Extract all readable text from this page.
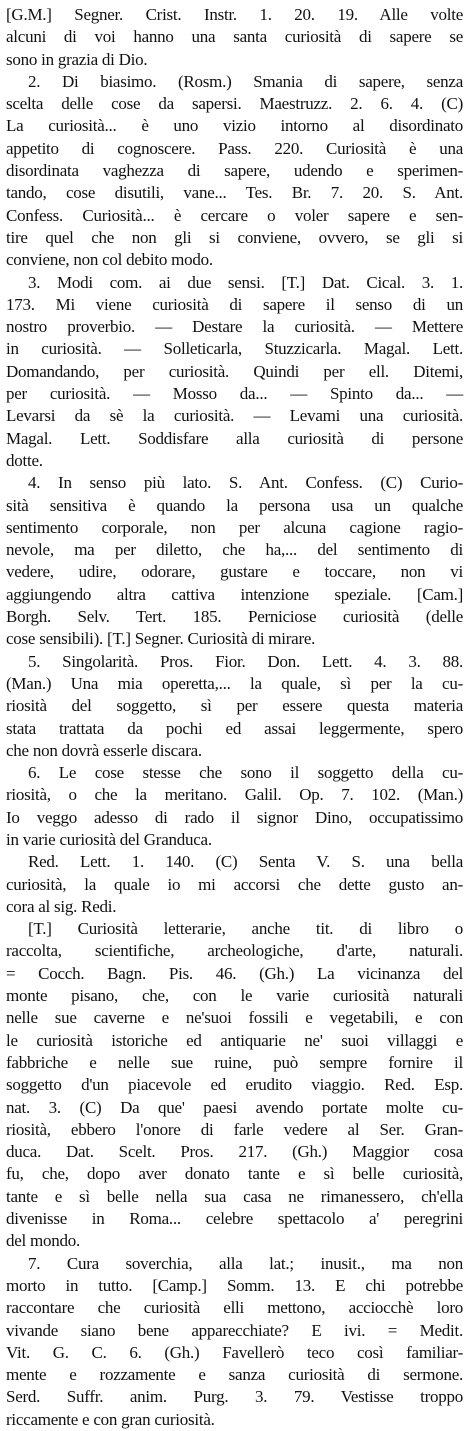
[G.M.] Segner. Crist. Instr. 1. 20. 19. Alle volte
alcuni di voi hanno una santa curiosità di sapere se
sono in grazia di Dio.
2. Di biasimo. (Rosm.) Smania di sapere, senza
scelta delle cose da sapersi. Maestruzz. 2. 6. 4. (C)
La curiosità... è uno vizio intorno al disordinato
appetito di cognoscere. Pass. 220. Curiosità è una
disordinata vaghezza di sapere, udendo e sperimen-
tando, cose disutili, vane... Tes. Br. 7. 20. S. Ant.
Confess. Curiosità... è cercare o voler sapere e sen-
tire quel che non gli si conviene, ovvero, se gli si
conviene, non col debito modo.
3. Modi com. ai due sensi. [T.] Dat. Cical. 3. 1.
173. Mi viene curiosità di sapere il senso di un
nostro proverbio. — Destare la curiosità. — Mettere
in curiosità. — Solleticarla, Stuzzicarla. Magal. Lett.
Domandando, per curiosità. Quindi per ell. Ditemi,
per curiosità. — Mosso da... — Spinto da... —
Levarsi da sè la curiosità. — Levami una curiosità.
Magal. Lett. Soddisfare alla curiosità di persone
dotte.
4. In senso più lato. S. Ant. Confess. (C) Curio-
sità sensitiva è quando la persona usa un qualche
sentimento corporale, non per alcuna cagione ragio-
nevole, ma per diletto, che ha,... del sentimento di
vedere, udire, odorare, gustare e toccare, non vi
aggiungendo altra cattiva intenzione speziale. [Cam.]
Borgh. Selv. Tert. 185. Perniciose curiosità (delle
cose sensibili). [T.] Segner. Curiosità di mirare.
5. Singolarità. Pros. Fior. Don. Lett. 4. 3. 88.
(Man.) Una mia operetta,... la quale, sì per la cu-
riosità del soggetto, sì per essere questa materia
stata trattata da pochi ed assai leggermente, spero
che non dovrà esserle discara.
6. Le cose stesse che sono il soggetto della cu-
riosità, o che la meritano. Galil. Op. 7. 102. (Man.)
Io veggo adesso di rado il signor Dino, occupatissimo
in varie curiosità del Granduca.
Red. Lett. 1. 140. (C) Senta V. S. una bella
curiosità, la quale io mi accorsi che dette gusto an-
cora al sig. Redi.
[T.] Curiosità letterarie, anche tit. di libro o
raccolta, scientifiche, archeologiche, d'arte, naturali.
= Cocch. Bagn. Pis. 46. (Gh.) La vicinanza del
monte pisano, che, con le varie curiosità naturali
nelle sue caverne e ne'suoi fossili e vegetabili, e con
le curiosità istoriche ed antiquarie ne' suoi villaggi e
fabbriche e nelle sue ruine, può sempre fornire il
soggetto d'un piacevole ed erudito viaggio. Red. Esp.
nat. 3. (C) Da que' paesi avendo portate molte cu-
riosità, ebbero l'onore di farle vedere al Ser. Gran-
duca. Dat. Scelt. Pros. 217. (Gh.) Maggior cosa
fu, che, dopo aver donato tante e sì belle curiosità,
tante e sì belle nella sua casa ne rimanessero, ch'ella
divenisse in Roma... celebre spettacolo a' peregrini
del mondo.
7. Cura soverchia, alla lat.; inusit., ma non
morto in tutto. [Camp.] Somm. 13. E chi potrebbe
raccontare che curiosità elli mettono, acciocchè loro
vivande siano bene apparecchiate? E ivi. = Medit.
Vit. G. C. 6. (Gh.) Favellerò teco così familiar-
mente e rozzamente e sanza curiosità di sermone.
Serd. Suffr. anim. Purg. 3. 79. Vestisse troppo
riccamente e con gran curiosità.
